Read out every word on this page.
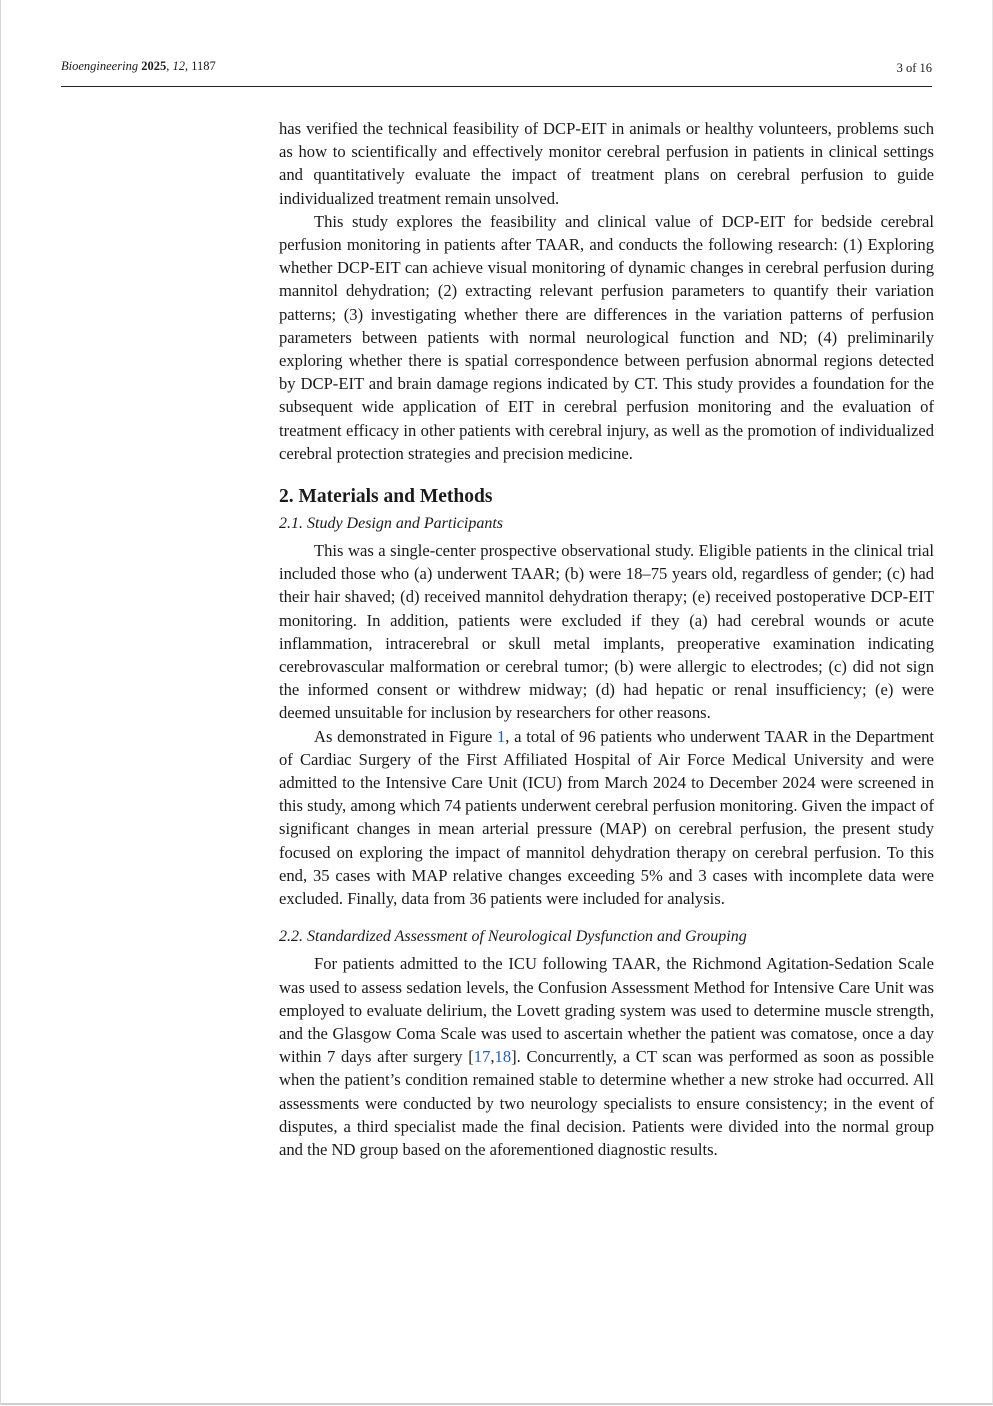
Bioengineering 2025, 12, 1187	3 of 16

has verified the technical feasibility of DCP-EIT in animals or healthy volunteers, problems such as how to scientifically and effectively monitor cerebral perfusion in patients in clinical settings and quantitatively evaluate the impact of treatment plans on cerebral perfusion to guide individualized treatment remain unsolved.

This study explores the feasibility and clinical value of DCP-EIT for bedside cerebral perfusion monitoring in patients after TAAR, and conducts the following research: (1) Exploring whether DCP-EIT can achieve visual monitoring of dynamic changes in cerebral perfusion during mannitol dehydration; (2) extracting relevant perfusion parameters to quantify their variation patterns; (3) investigating whether there are differences in the variation patterns of perfusion parameters between patients with normal neurological function and ND; (4) preliminarily exploring whether there is spatial correspondence between perfusion abnormal regions detected by DCP-EIT and brain damage regions indicated by CT. This study provides a foundation for the subsequent wide application of EIT in cerebral perfusion monitoring and the evaluation of treatment efficacy in other patients with cerebral injury, as well as the promotion of individualized cerebral protection strategies and precision medicine.

2. Materials and Methods
2.1. Study Design and Participants

This was a single-center prospective observational study. Eligible patients in the clinical trial included those who (a) underwent TAAR; (b) were 18–75 years old, regardless of gender; (c) had their hair shaved; (d) received mannitol dehydration therapy; (e) received postoperative DCP-EIT monitoring. In addition, patients were excluded if they (a) had cerebral wounds or acute inflammation, intracerebral or skull metal implants, preoperative examination indicating cerebrovascular malformation or cerebral tumor; (b) were allergic to electrodes; (c) did not sign the informed consent or withdrew midway; (d) had hepatic or renal insufficiency; (e) were deemed unsuitable for inclusion by researchers for other reasons.

As demonstrated in Figure 1, a total of 96 patients who underwent TAAR in the Department of Cardiac Surgery of the First Affiliated Hospital of Air Force Medical University and were admitted to the Intensive Care Unit (ICU) from March 2024 to December 2024 were screened in this study, among which 74 patients underwent cerebral perfusion monitoring. Given the impact of significant changes in mean arterial pressure (MAP) on cerebral perfusion, the present study focused on exploring the impact of mannitol dehydration therapy on cerebral perfusion. To this end, 35 cases with MAP relative changes exceeding 5% and 3 cases with incomplete data were excluded. Finally, data from 36 patients were included for analysis.

2.2. Standardized Assessment of Neurological Dysfunction and Grouping

For patients admitted to the ICU following TAAR, the Richmond Agitation-Sedation Scale was used to assess sedation levels, the Confusion Assessment Method for Intensive Care Unit was employed to evaluate delirium, the Lovett grading system was used to determine muscle strength, and the Glasgow Coma Scale was used to ascertain whether the patient was comatose, once a day within 7 days after surgery [17,18]. Concurrently, a CT scan was performed as soon as possible when the patient’s condition remained stable to determine whether a new stroke had occurred. All assessments were conducted by two neurology specialists to ensure consistency; in the event of disputes, a third specialist made the final decision. Patients were divided into the normal group and the ND group based on the aforementioned diagnostic results.
